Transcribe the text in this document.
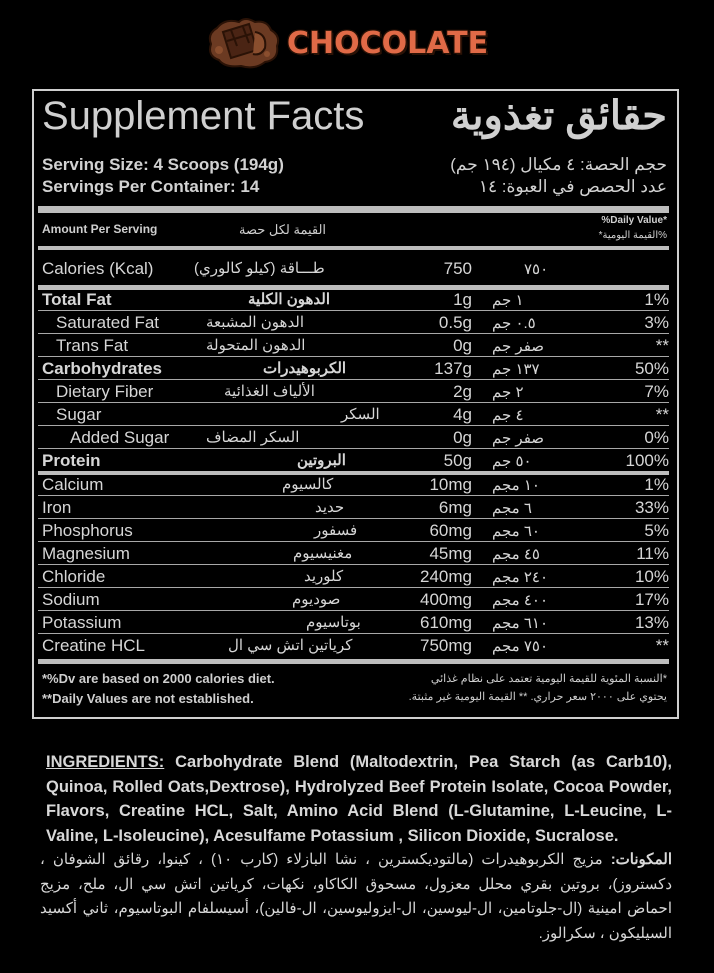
CHOCOLATE
Supplement Facts حقائق تغذوية
Serving Size: 4 Scoops (194g)	حجم الحصة: ٤ مكيال (١٩٤ جم)
Servings Per Container: 14	عدد الحصص في العبوة: ١٤
Amount Per Serving	القيمة لكل حصة
%Daily Value*
%القيمة اليومية*
Calories (Kcal)	طـــاقة (كيلو كالوري)	750	٧٥٠
Total Fat	الدهون الكلية	1g ١ جم	1%
Saturated Fat	الدهون المشبعة	0.5g ٠.٥ جم	3%
Trans Fat	الدهون المتحولة	0g صفر جم	**
Carbohydrates	الكربوهيدرات	137g ١٣٧ جم	50%
Dietary Fiber	الألياف الغذائية	2g ٢ جم	7%
Sugar	السكر	4g ٤ جم	**
Added Sugar السكر المضاف	0g صفر جم	0%
Protein	البروتين	50g ٥٠ جم	100%
Calcium	كالسيوم	10mg ١٠ مجم	1%
Iron	حديد	6mg ٦ مجم	33%
Phosphorus	فسفور	60mg ٦٠ مجم	5%
Magnesium	مغنيسيوم	45mg ٤٥ مجم	11%
Chloride	كلوريد	240mg ٢٤٠ مجم	10%
Sodium	صوديوم	400mg ٤٠٠ مجم	17%
Potassium	بوتاسيوم	610mg ٦١٠ مجم	13%
Creatine HCL	كرياتين اتش سي ال	750mg ٧٥٠ مجم	**
*%Dv are based on 2000 calories diet.
**Daily Values are not established.
*النسبة المئوية للقيمة اليومية تعتمد على نظام غذائي
يحتوي على ٢٠٠٠ سعر حراري. ** القيمة اليومية غير مثبتة.
INGREDIENTS: Carbohydrate Blend (Maltodextrin, Pea Starch (as Carb10), Quinoa, Rolled Oats,Dextrose), Hydrolyzed Beef Protein Isolate, Cocoa Powder, Flavors, Creatine HCL, Salt, Amino Acid Blend (L-Glutamine, L-Leucine, L-Valine, L-Isoleucine), Acesulfame Potassium , Silicon Dioxide, Sucralose.
المكونات: مزيج الكربوهيدرات (مالتوديكسترين ، نشا البازلاء (كارب ١٠) ، كينوا، رقائق الشوفان ، دكستروز)، بروتين بقري محلل معزول، مسحوق الكاكاو، نكهات، كرياتين اتش سي ال، ملح، مزيج احماض امينية (ال-جلوتامين، ال-ليوسين، ال-ايزوليوسين، ال-فالين)، أسيسلفام البوتاسيوم، ثاني أكسيد السيليكون ، سكرالوز.
